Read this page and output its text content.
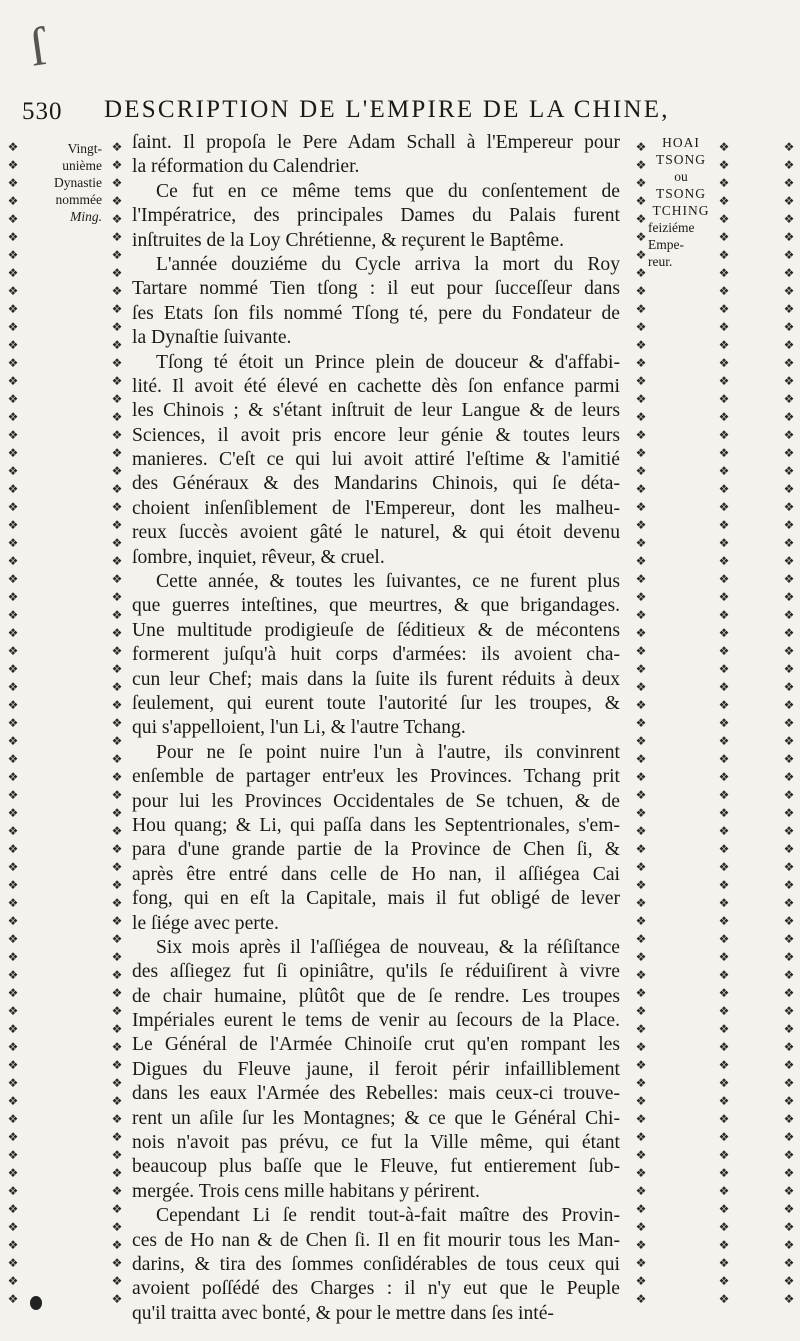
ſ
530 DESCRIPTION DE L'EMPIRE DE LA CHINE,
❖
❖
❖
❖
❖
❖
❖
❖
❖
❖
❖
❖
❖
❖
❖
❖
❖
❖
❖
❖
❖
❖
❖
❖
❖
❖
❖
❖
❖
❖
❖
❖
❖
❖
❖
❖
❖
❖
❖
❖
❖
❖
❖
❖
❖
❖
❖
❖
❖
❖
❖
❖
❖
❖
❖
❖
❖
❖
❖
❖
❖
❖
❖
❖
❖
❖
❖
❖
❖
❖
❖
❖
❖
❖
❖
❖
❖
❖
❖
❖
❖
❖
❖
❖
❖
❖
❖
❖
❖
❖
❖
❖
❖
❖
❖
❖
❖
❖
❖
❖
❖
❖
❖
❖
❖
❖
❖
❖
❖
❖
❖
❖
❖
❖
❖
❖
❖
❖
❖
❖
❖
❖
❖
❖
❖
❖
❖
❖
❖
❖
❖
❖
❖
❖
❖
❖
❖
❖
❖
❖
❖
❖
❖
❖
❖
❖
❖
❖
❖
❖
❖
❖
❖
❖
❖
❖
❖
❖
❖
❖
❖
❖
❖
❖
❖
❖
❖
❖
❖
❖
❖
❖
❖
❖
❖
❖
❖
❖
❖
❖
❖
❖
❖
❖
❖
❖
❖
❖
❖
❖
❖
❖
❖
❖
❖
❖
❖
❖
❖
❖
❖
❖
❖
❖
❖
❖
❖
❖
❖
❖
❖
❖
❖
❖
❖
❖
❖
❖
❖
❖
❖
❖
❖
❖
❖
❖
❖
❖
❖
❖
❖
❖
❖
❖
❖
❖
❖
❖
❖
❖
❖
❖
❖
❖
❖
❖
❖
❖
❖
❖
❖
❖
❖
❖
❖
❖
❖
❖
❖
❖
❖
❖
❖
❖
❖
❖
❖
❖
❖
❖
❖
❖
❖
❖
❖
❖
❖
❖
❖
❖
❖
❖
❖
❖
❖
❖
❖
❖
❖
❖
❖
❖
❖
❖
❖
❖
❖
❖
❖
❖
❖
❖
❖
❖
❖
❖
❖
❖
❖
❖
❖
❖
❖
❖
❖
❖
❖
❖
❖
❖
❖
❖
❖
❖
❖
Vingt-
unième
Dynastie
nommée
Ming.
HOAI
TSONG
ou
TSONG
TCHING
feiziéme
Empe-
reur.
ſaint. Il propoſa le Pere Adam Schall à l'Empereur pour
la réformation du Calendrier.
Ce fut en ce même tems que du conſentement de
l'Impératrice, des principales Dames du Palais furent
inſtruites de la Loy Chrétienne, & reçurent le Baptême.
L'année douziéme du Cycle arriva la mort du Roy
Tartare nommé Tien tſong : il eut pour ſucceſſeur dans
ſes Etats ſon fils nommé Tſong té, pere du Fondateur de
la Dynaſtie ſuivante.
Tſong té étoit un Prince plein de douceur & d'affabi-
lité. Il avoit été élevé en cachette dès ſon enfance parmi
les Chinois ; & s'étant inſtruit de leur Langue & de leurs
Sciences, il avoit pris encore leur génie & toutes leurs
manieres. C'eſt ce qui lui avoit attiré l'eſtime & l'amitié
des Généraux & des Mandarins Chinois, qui ſe déta-
choient inſenſiblement de l'Empereur, dont les malheu-
reux ſuccès avoient gâté le naturel, & qui étoit devenu
ſombre, inquiet, rêveur, & cruel.
Cette année, & toutes les ſuivantes, ce ne furent plus
que guerres inteſtines, que meurtres, & que brigandages.
Une multitude prodigieuſe de ſéditieux & de mécontens
formerent juſqu'à huit corps d'armées: ils avoient cha-
cun leur Chef; mais dans la ſuite ils furent réduits à deux
ſeulement, qui eurent toute l'autorité ſur les troupes, &
qui s'appelloient, l'un Li, & l'autre Tchang.
Pour ne ſe point nuire l'un à l'autre, ils convinrent
enſemble de partager entr'eux les Provinces. Tchang prit
pour lui les Provinces Occidentales de Se tchuen, & de
Hou quang; & Li, qui paſſa dans les Septentrionales, s'em-
para d'une grande partie de la Province de Chen ſi, &
après être entré dans celle de Ho nan, il aſſiégea Cai
fong, qui en eſt la Capitale, mais il fut obligé de lever
le ſiége avec perte.
Six mois après il l'aſſiégea de nouveau, & la réſiſtance
des aſſiegez fut ſi opiniâtre, qu'ils ſe réduiſirent à vivre
de chair humaine, plûtôt que de ſe rendre. Les troupes
Impériales eurent le tems de venir au ſecours de la Place.
Le Général de l'Armée Chinoiſe crut qu'en rompant les
Digues du Fleuve jaune, il feroit périr infailliblement
dans les eaux l'Armée des Rebelles: mais ceux-ci trouve-
rent un aſile ſur les Montagnes; & ce que le Général Chi-
nois n'avoit pas prévu, ce fut la Ville même, qui étant
beaucoup plus baſſe que le Fleuve, fut entierement ſub-
mergée. Trois cens mille habitans y périrent.
Cependant Li ſe rendit tout-à-fait maître des Provin-
ces de Ho nan & de Chen ſi. Il en fit mourir tous les Man-
darins, & tira des ſommes conſidérables de tous ceux qui
avoient poſſédé des Charges : il n'y eut que le Peuple
qu'il traitta avec bonté, & pour le mettre dans ſes inté-
